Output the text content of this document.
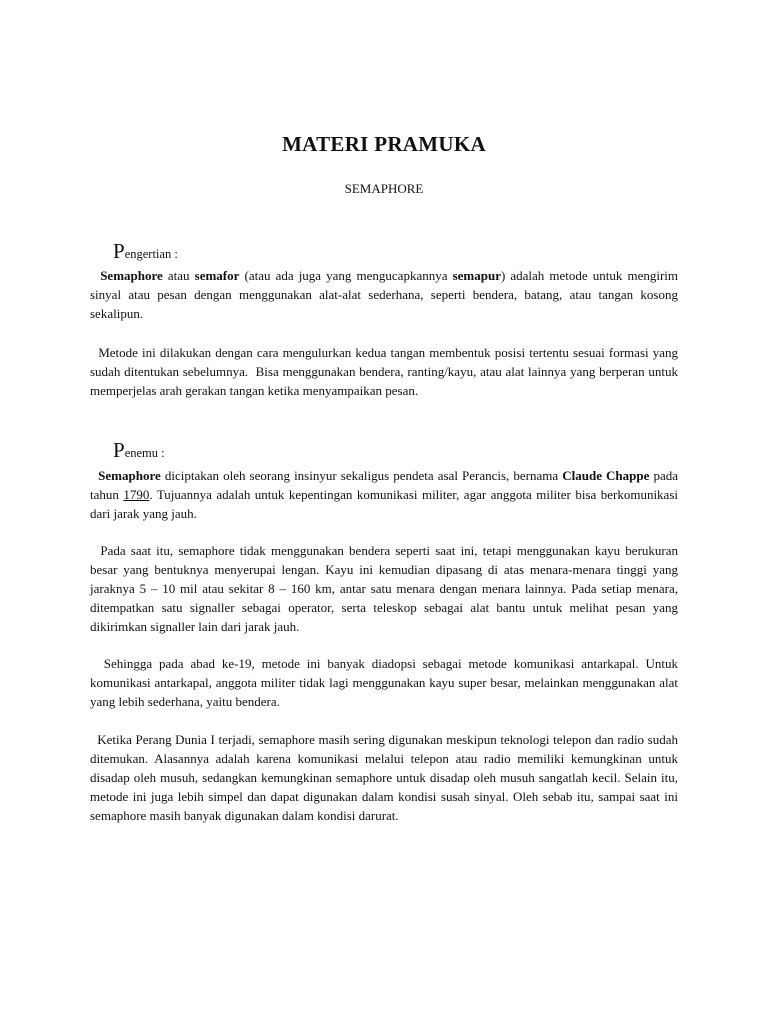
MATERI PRAMUKA
SEMAPHORE
Pengertian :

Semaphore atau semafor (atau ada juga yang mengucapkannya semapur) adalah metode untuk mengirim sinyal atau pesan dengan menggunakan alat-alat sederhana, seperti bendera, batang, atau tangan kosong sekalipun.

Metode ini dilakukan dengan cara mengulurkan kedua tangan membentuk posisi tertentu sesuai formasi yang sudah ditentukan sebelumnya.  Bisa menggunakan bendera, ranting/kayu, atau alat lainnya yang berperan untuk memperjelas arah gerakan tangan ketika menyampaikan pesan.

Penemu :

Semaphore diciptakan oleh seorang insinyur sekaligus pendeta asal Perancis, bernama Claude Chappe pada tahun 1790. Tujuannya adalah untuk kepentingan komunikasi militer, agar anggota militer bisa berkomunikasi dari jarak yang jauh.

Pada saat itu, semaphore tidak menggunakan bendera seperti saat ini, tetapi menggunakan kayu berukuran besar yang bentuknya menyerupai lengan. Kayu ini kemudian dipasang di atas menara-menara tinggi yang jaraknya 5 – 10 mil atau sekitar 8 – 160 km, antar satu menara dengan menara lainnya. Pada setiap menara, ditempatkan satu signaller sebagai operator, serta teleskop sebagai alat bantu untuk melihat pesan yang dikirimkan signaller lain dari jarak jauh.

Sehingga pada abad ke-19, metode ini banyak diadopsi sebagai metode komunikasi antarkapal. Untuk komunikasi antarkapal, anggota militer tidak lagi menggunakan kayu super besar, melainkan menggunakan alat yang lebih sederhana, yaitu bendera.

Ketika Perang Dunia I terjadi, semaphore masih sering digunakan meskipun teknologi telepon dan radio sudah ditemukan. Alasannya adalah karena komunikasi melalui telepon atau radio memiliki kemungkinan untuk disadap oleh musuh, sedangkan kemungkinan semaphore untuk disadap oleh musuh sangatlah kecil. Selain itu, metode ini juga lebih simpel dan dapat digunakan dalam kondisi susah sinyal. Oleh sebab itu, sampai saat ini semaphore masih banyak digunakan dalam kondisi darurat.
